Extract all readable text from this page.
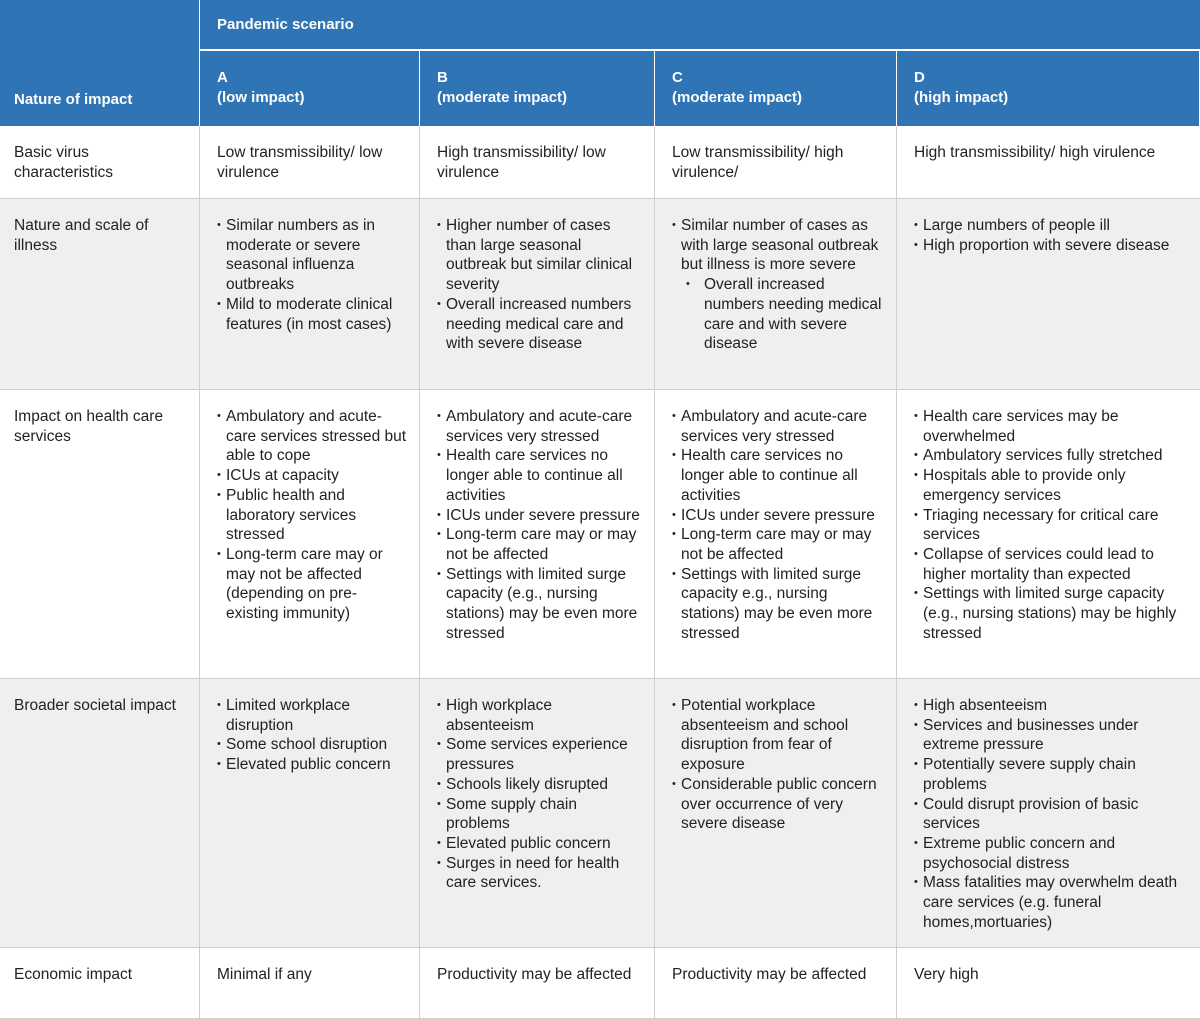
Nature of impact
Pandemic scenario
A
(low impact)
B
(moderate impact)
C
(moderate impact)
D
(high impact)
Basic virus characteristics
Low transmissibility/ low virulence
High transmissibility/ low virulence
Low transmissibility/ high virulence/
High transmissibility/ high virulence
Nature and scale of illness
• Similar numbers as in moderate or severe seasonal influenza outbreaks
• Mild to moderate clinical features (in most cases)
• Higher number of cases than large seasonal outbreak but similar clinical severity
• Overall increased numbers needing medical care and with severe disease
• Similar number of cases as with large seasonal outbreak but illness is more severe
• Overall increased numbers needing medical care and with severe disease
• Large numbers of people ill
• High proportion with severe disease
Impact on health care services
• Ambulatory and acute-care services stressed but able to cope
• ICUs at capacity
• Public health and laboratory services stressed
• Long-term care may or may not be affected (depending on pre-existing immunity)
• Ambulatory and acute-care services very stressed
• Health care services no longer able to continue all activities
• ICUs under severe pressure
• Long-term care may or may not be affected
• Settings with limited surge capacity (e.g., nursing stations) may be even more stressed
• Ambulatory and acute-care services very stressed
• Health care services no longer able to continue all activities
• ICUs under severe pressure
• Long-term care may or may not be affected
• Settings with limited surge capacity e.g., nursing stations) may be even more stressed
• Health care services may be overwhelmed
• Ambulatory services fully stretched
• Hospitals able to provide only emergency services
• Triaging necessary for critical care services
• Collapse of services could lead to higher mortality than expected
• Settings with limited surge capacity (e.g., nursing stations) may be highly stressed
Broader societal impact
•	Limited workplace disruption
• Some school disruption
• Elevated public concern
• High workplace absenteeism
• Some services experience pressures
• Schools likely disrupted
• Some supply chain problems
• Elevated public concern
• Surges in need for health care services.
• Potential workplace absenteeism and school disruption from fear of exposure
• Considerable public concern over occurrence of very severe disease
• High absenteeism
• Services and businesses under extreme pressure
• Potentially severe supply chain problems
• Could disrupt provision of basic services
• Extreme public concern and psychosocial distress
• Mass fatalities may overwhelm death care services (e.g. funeral homes,mortuaries)
Economic impact	Minimal if any	Productivity may be affected	Productivity may be affected	Very high
